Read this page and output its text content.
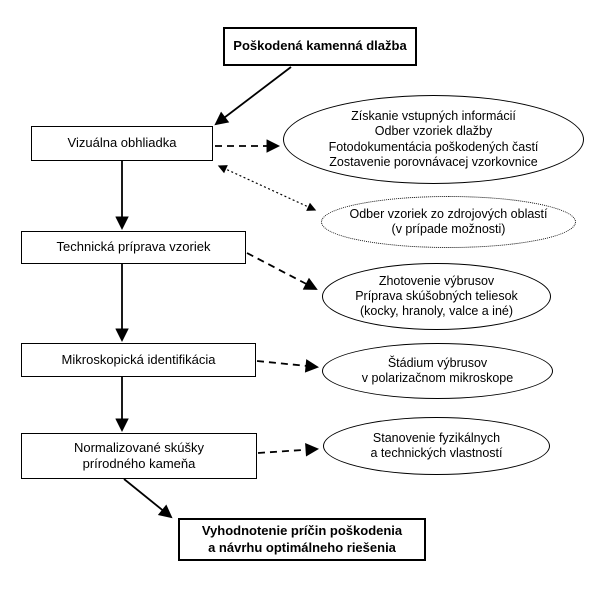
Poškodená kamenná dlažba
Vizuálna obhliadka
Technická príprava vzoriek
Mikroskopická identifikácia
Normalizované skúšky
prírodného kameňa
Vyhodnotenie príčin poškodenia
a návrhu optimálneho riešenia
Získanie vstupných informácií
Odber vzoriek dlažby
Fotodokumentácia poškodených častí
Zostavenie porovnávacej vzorkovnice
Odber vzoriek zo zdrojových oblastí
(v prípade možnosti)
Zhotovenie výbrusov
Príprava skúšobných teliesok
(kocky, hranoly, valce a iné)
Štádium výbrusov
v polarizačnom mikroskope
Stanovenie fyzikálnych
a technických vlastností
